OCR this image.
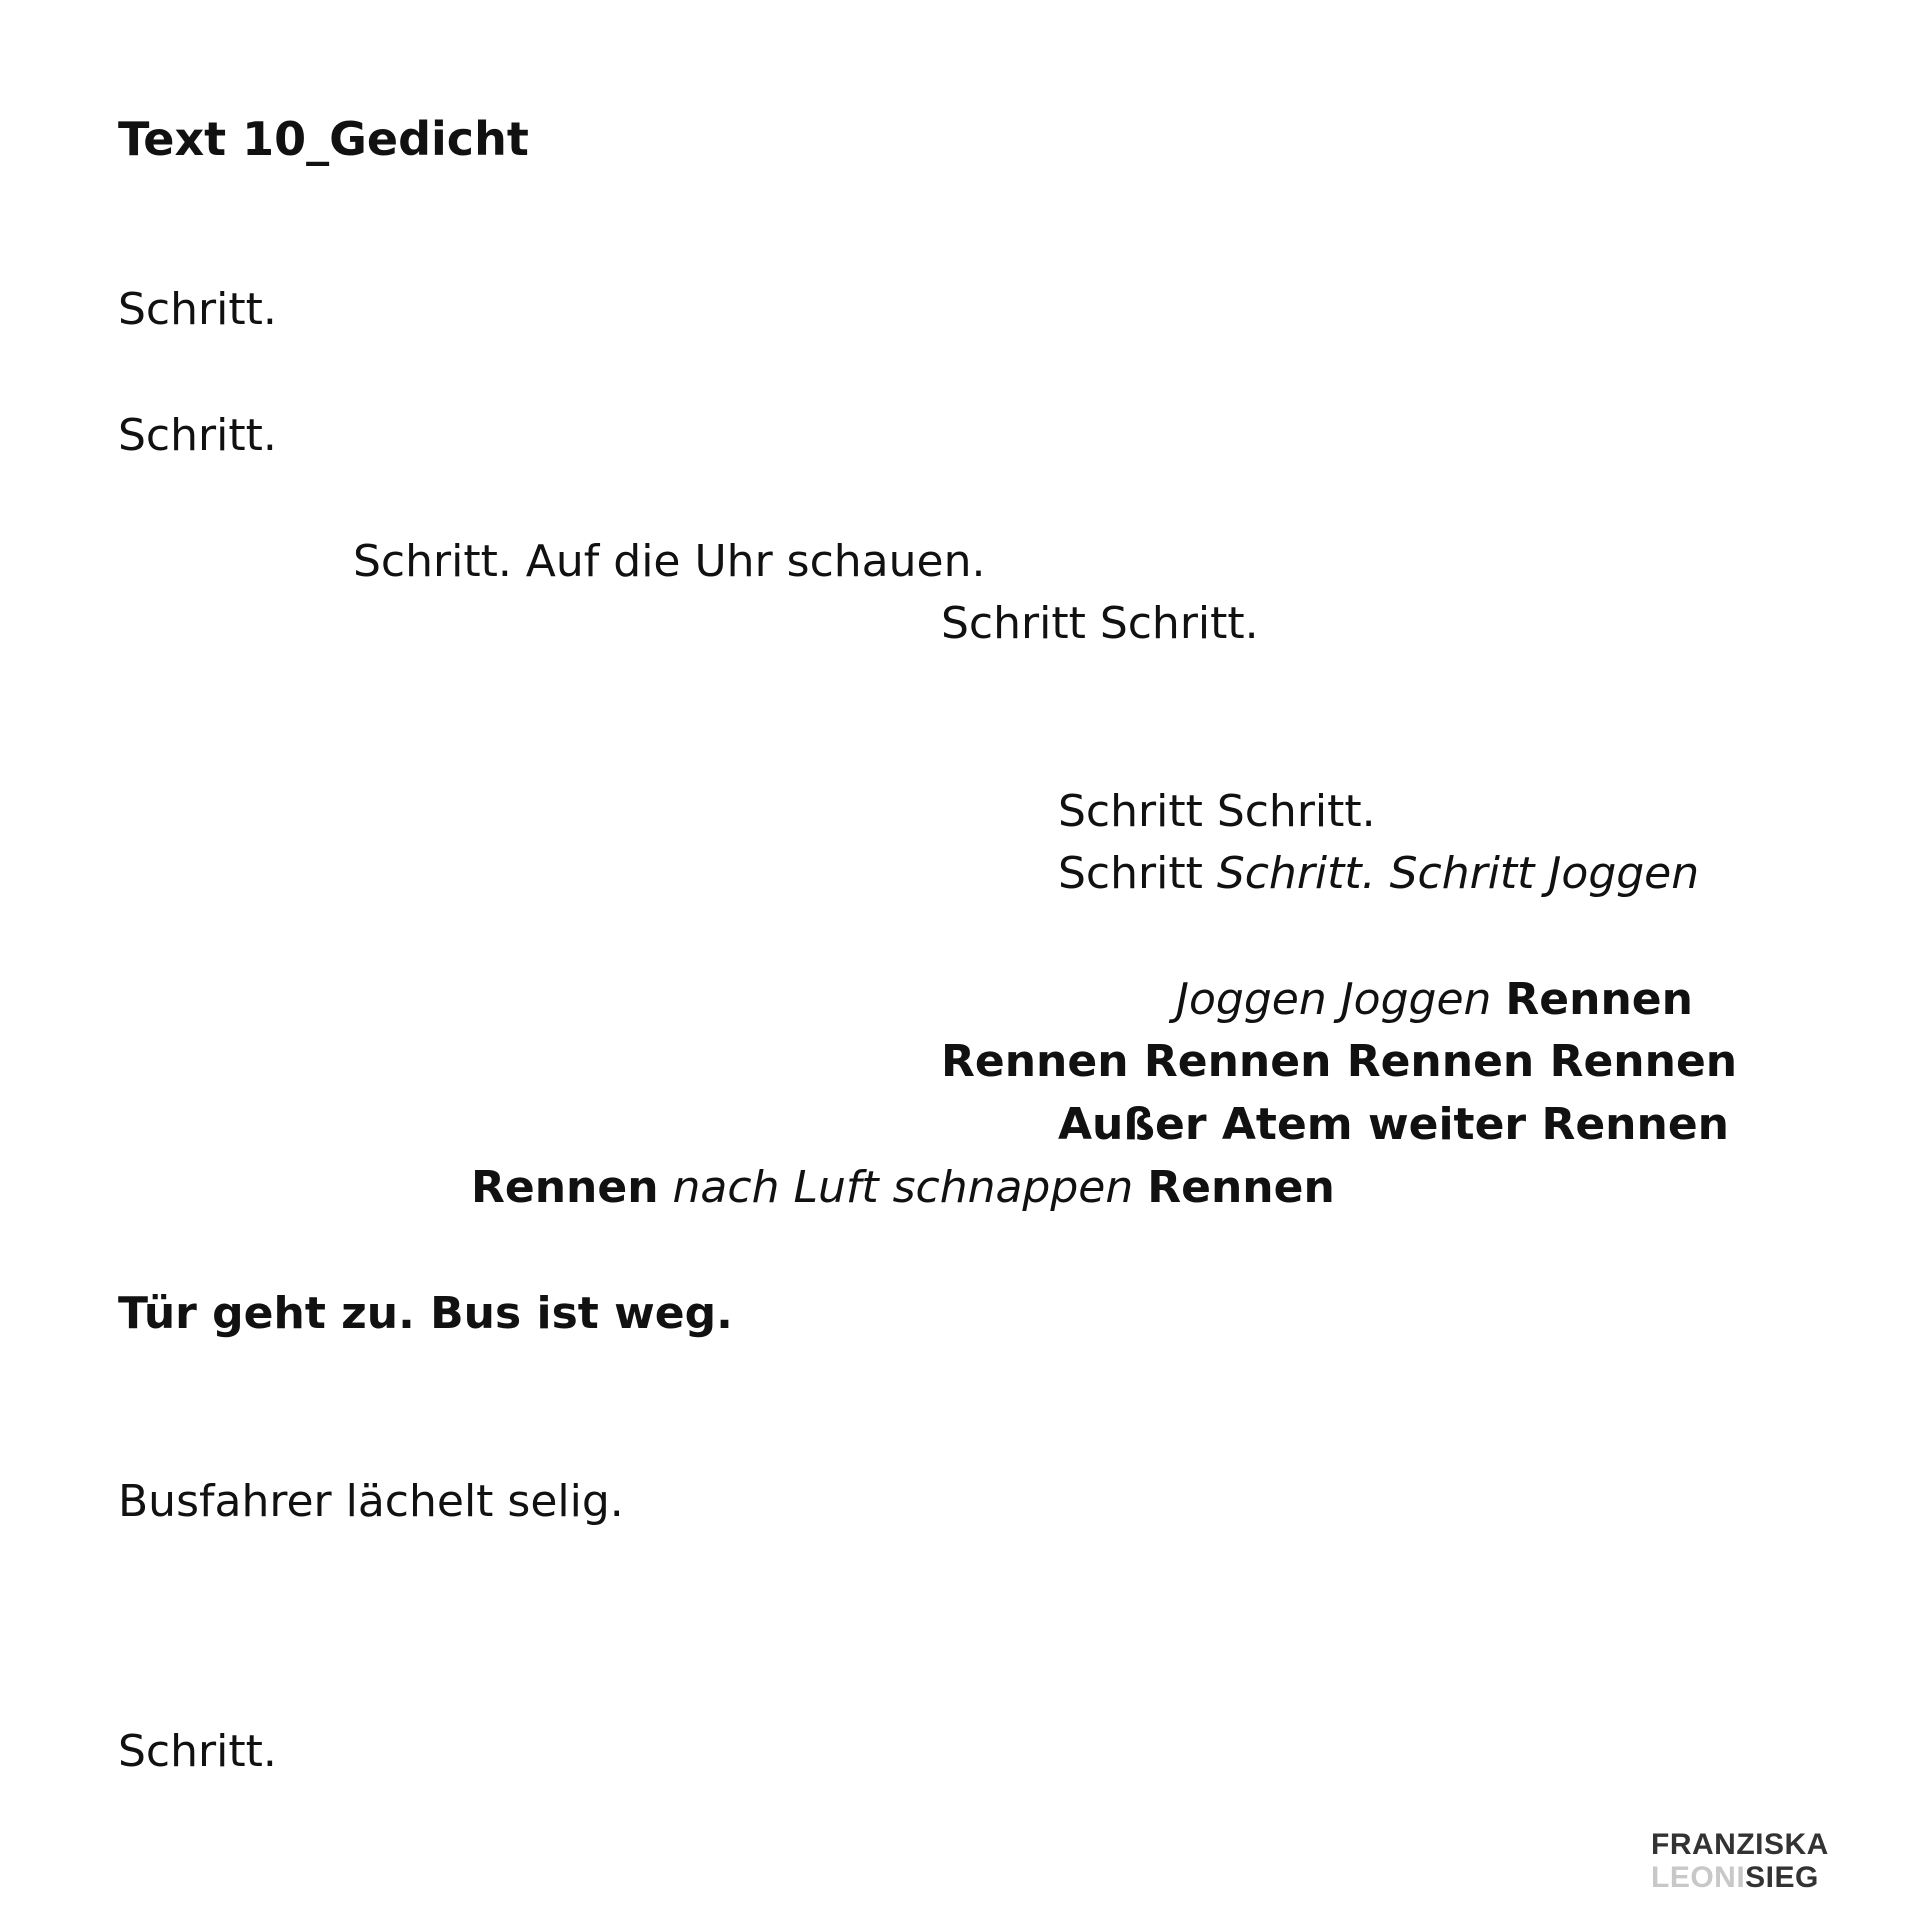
Text 10_Gedicht

Schritt.

Schritt.

Schritt. Auf die Uhr schauen.

Schritt Schritt.

Schritt Schritt.

Schritt Schritt. Schritt Joggen

Joggen Joggen Rennen

Rennen Rennen Rennen Rennen

Außer Atem weiter Rennen

Rennen nach Luft schnappen Rennen

Tür geht zu. Bus ist weg.

Busfahrer lächelt selig.

Schritt.

FRANZISKA
LEONISIEG
